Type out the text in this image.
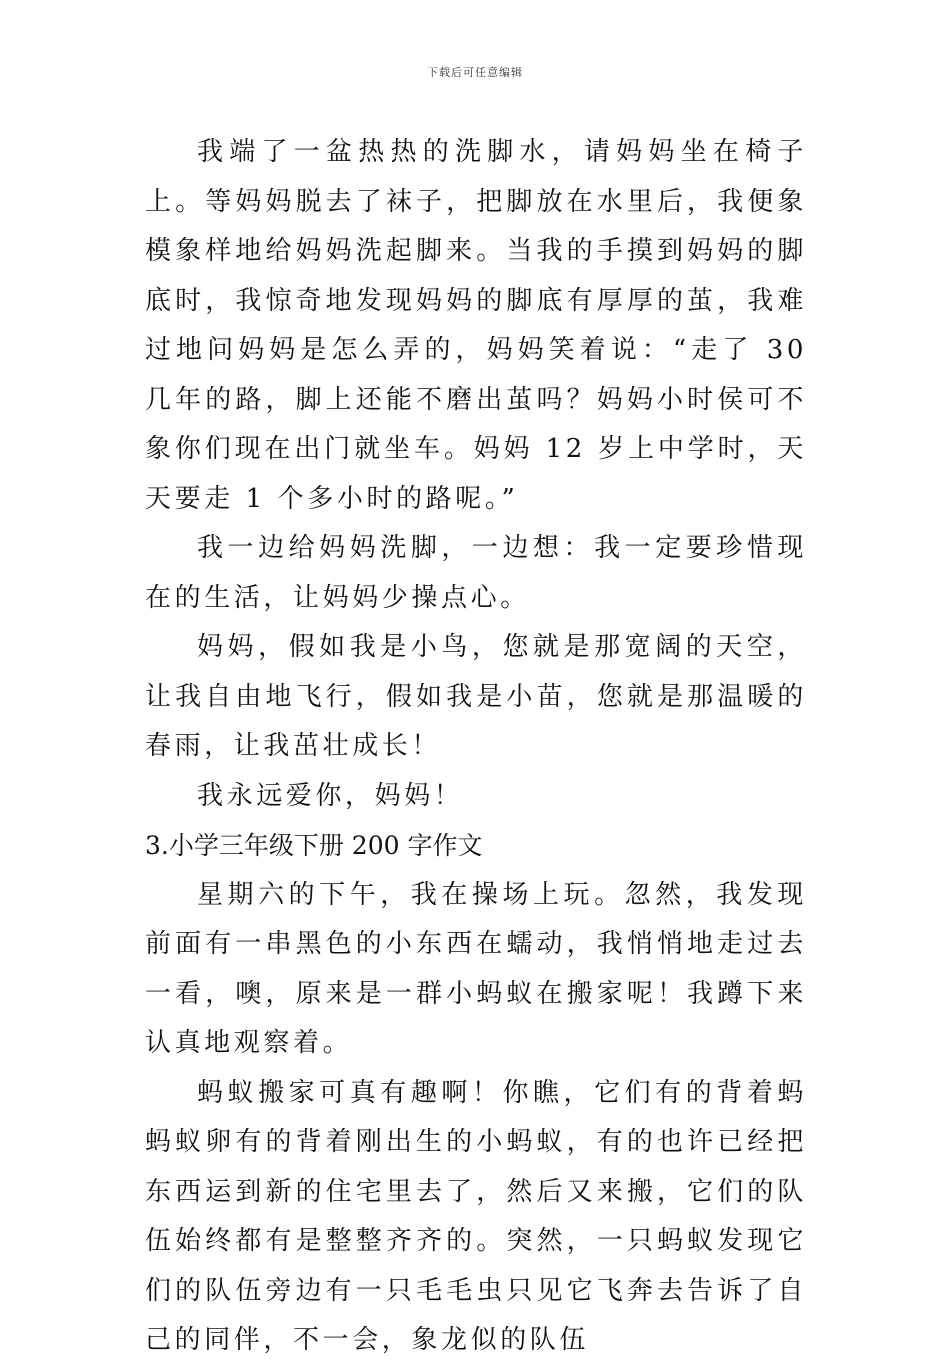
下载后可任意编辑

我端了一盆热热的洗脚水，请妈妈坐在椅子上。等妈妈脱去了袜子，把脚放在水里后，我便象模象样地给妈妈洗起脚来。当我的手摸到妈妈的脚底时，我惊奇地发现妈妈的脚底有厚厚的茧，我难过地问妈妈是怎么弄的，妈妈笑着说：“走了 30 几年的路，脚上还能不磨出茧吗？妈妈小时侯可不象你们现在出门就坐车。妈妈 12 岁上中学时，天天要走 1 个多小时的路呢。”

我一边给妈妈洗脚，一边想：我一定要珍惜现在的生活，让妈妈少操点心。

妈妈，假如我是小鸟，您就是那宽阔的天空，让我自由地飞行，假如我是小苗，您就是那温暖的春雨，让我茁壮成长！

我永远爱你，妈妈！

3.小学三年级下册 200 字作文

星期六的下午，我在操场上玩。忽然，我发现前面有一串黑色的小东西在蠕动，我悄悄地走过去一看，噢，原来是一群小蚂蚁在搬家呢！我蹲下来认真地观察着。

蚂蚁搬家可真有趣啊！你瞧，它们有的背着蚂蚂蚁卵有的背着刚出生的小蚂蚁，有的也许已经把东西运到新的住宅里去了，然后又来搬，它们的队伍始终都有是整整齐齐的。突然，一只蚂蚁发现它们的队伍旁边有一只毛毛虫只见它飞奔去告诉了自己的同伴，不一会，象龙似的队伍
